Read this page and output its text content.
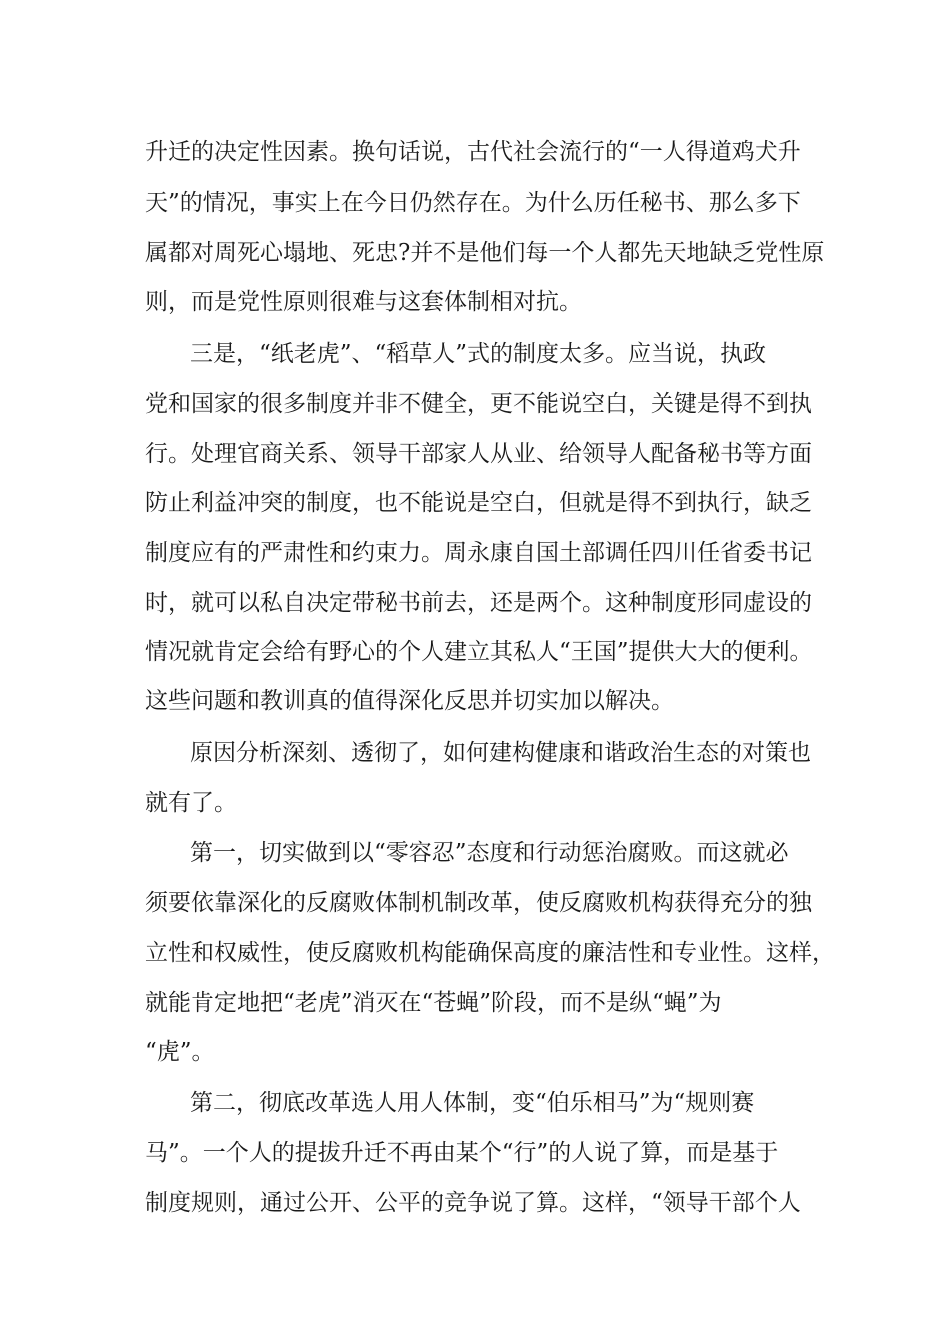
升迁的决定性因素。换句话说，古代社会流行的“一人得道鸡犬升
天”的情况，事实上在今日仍然存在。为什么历任秘书、那么多下
属都对周死心塌地、死忠?并不是他们每一个人都先天地缺乏党性原
则，而是党性原则很难与这套体制相对抗。
三是，“纸老虎”、“稻草人”式的制度太多。应当说，执政
党和国家的很多制度并非不健全，更不能说空白，关键是得不到执
行。处理官商关系、领导干部家人从业、给领导人配备秘书等方面
防止利益冲突的制度，也不能说是空白，但就是得不到执行，缺乏
制度应有的严肃性和约束力。周永康自国土部调任四川任省委书记
时，就可以私自决定带秘书前去，还是两个。这种制度形同虚设的
情况就肯定会给有野心的个人建立其私人“王国”提供大大的便利。
这些问题和教训真的值得深化反思并切实加以解决。
原因分析深刻、透彻了，如何建构健康和谐政治生态的对策也
就有了。
第一，切实做到以“零容忍”态度和行动惩治腐败。而这就必
须要依靠深化的反腐败体制机制改革，使反腐败机构获得充分的独
立性和权威性，使反腐败机构能确保高度的廉洁性和专业性。这样，
就能肯定地把“老虎”消灭在“苍蝇”阶段，而不是纵“蝇”为
“虎”。
第二，彻底改革选人用人体制，变“伯乐相马”为“规则赛
马”。一个人的提拔升迁不再由某个“行”的人说了算，而是基于
制度规则，通过公开、公平的竞争说了算。这样，“领导干部个人
